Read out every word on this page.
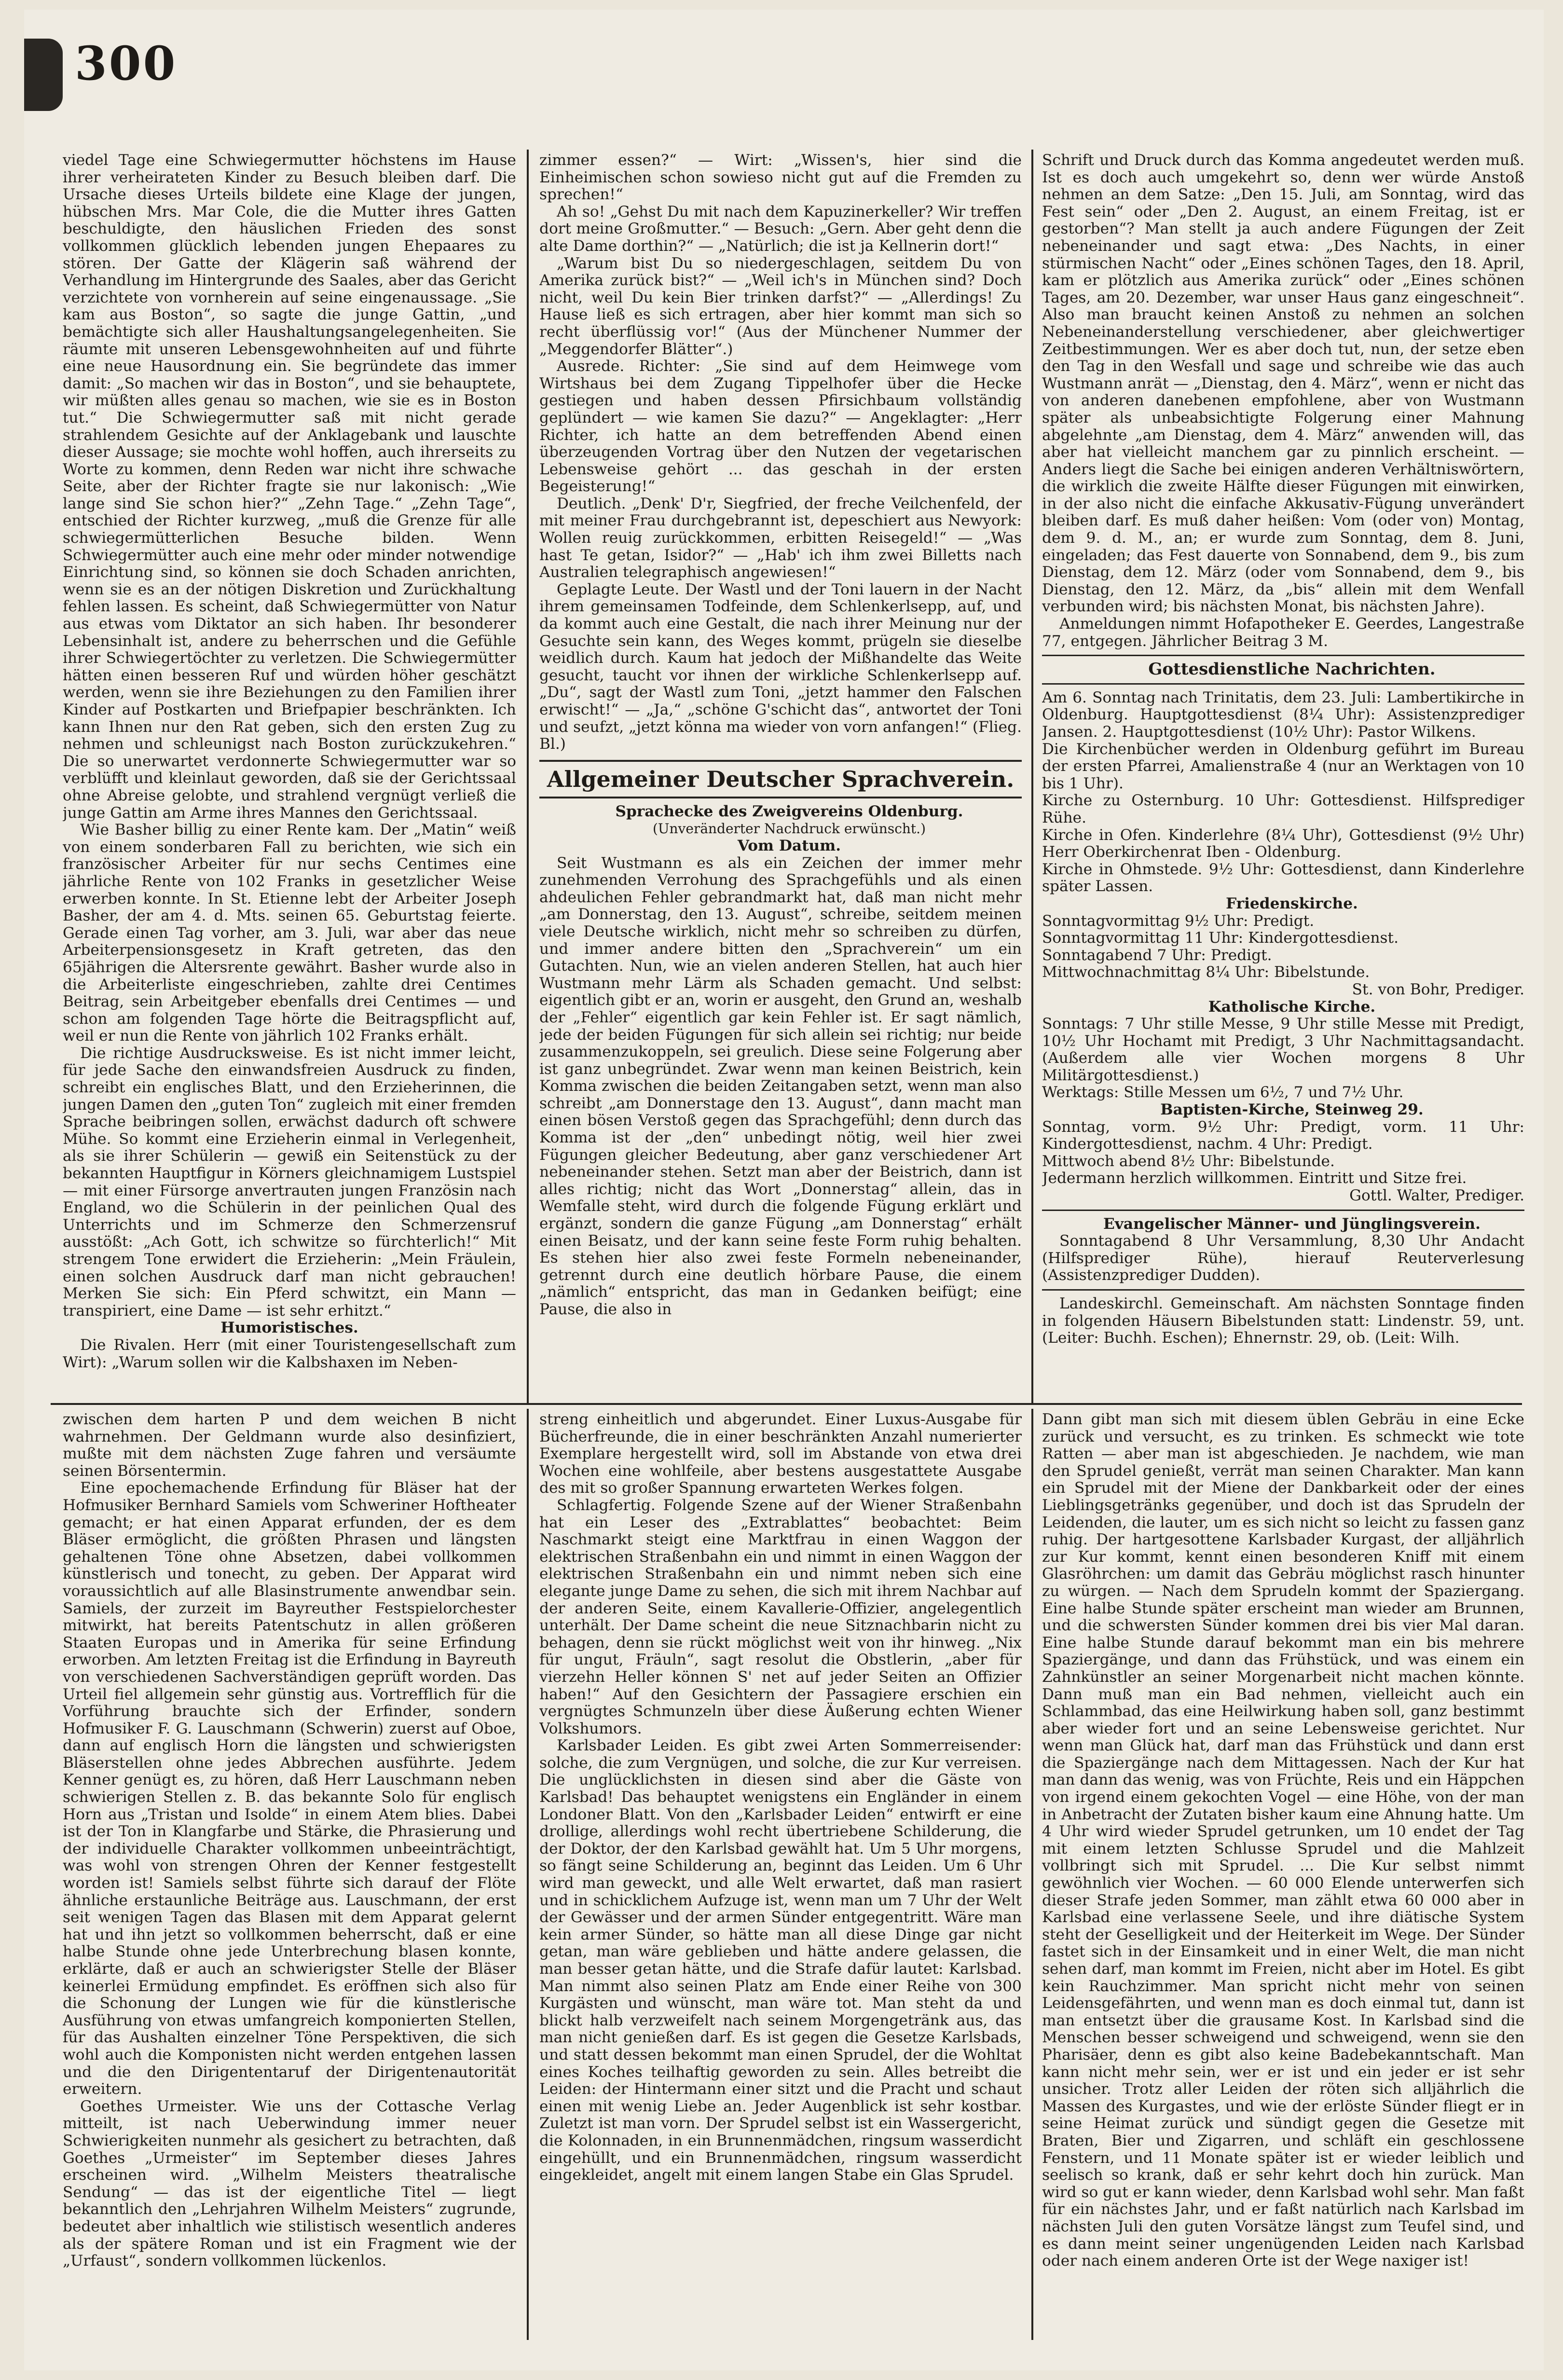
300

viedel Tage eine Schwiegermutter höchstens im Hause ihrer verheirateten Kinder zu Besuch bleiben darf. Die Ursache dieses Urteils bildete eine Klage der jungen, hübschen Mrs. Mar Cole, die die Mutter ihres Gatten beschuldigte, den häuslichen Frieden des sonst vollkommen glücklich lebenden jungen Ehepaares zu stören. Der Gatte der Klägerin saß während der Verhandlung im Hintergrunde des Saales, aber das Gericht verzichtete von vornherein auf seine eingenaussage. „Sie kam aus Boston“, so sagte die junge Gattin, „und bemächtigte sich aller Haushaltungsangelegenheiten. Sie räumte mit unseren Lebensgewohnheiten auf und führte eine neue Hausordnung ein. Sie begründete das immer damit: „So machen wir das in Boston“, und sie behauptete, wir müßten alles genau so machen, wie sie es in Boston tut.“ Die Schwiegermutter saß mit nicht gerade strahlendem Gesichte auf der Anklagebank und lauschte dieser Aussage; sie mochte wohl hoffen, auch ihrerseits zu Worte zu kommen, denn Reden war nicht ihre schwache Seite, aber der Richter fragte sie nur lakonisch: „Wie lange sind Sie schon hier?“ „Zehn Tage.“ „Zehn Tage“, entschied der Richter kurzweg, „muß die Grenze für alle schwiegermütterlichen Besuche bilden. Wenn Schwiegermütter auch eine mehr oder minder notwendige Einrichtung sind, so können sie doch Schaden anrichten, wenn sie es an der nötigen Diskretion und Zurückhaltung fehlen lassen. Es scheint, daß Schwiegermütter von Natur aus etwas vom Diktator an sich haben. Ihr besonderer Lebensinhalt ist, andere zu beherrschen und die Gefühle ihrer Schwiegertöchter zu verletzen. Die Schwiegermütter hätten einen besseren Ruf und würden höher geschätzt werden, wenn sie ihre Beziehungen zu den Familien ihrer Kinder auf Postkarten und Briefpapier beschränkten. Ich kann Ihnen nur den Rat geben, sich den ersten Zug zu nehmen und schleunigst nach Boston zurückzukehren.“ Die so unerwartet verdonnerte Schwiegermutter war so verblüfft und kleinlaut geworden, daß sie der Gerichtssaal ohne Abreise gelobte, und strahlend vergnügt verließ die junge Gattin am Arme ihres Mannes den Gerichtssaal.

Wie Basher billig zu einer Rente kam. Der „Matin“ weiß von einem sonderbaren Fall zu berichten, wie sich ein französischer Arbeiter für nur sechs Centimes eine jährliche Rente von 102 Franks in gesetzlicher Weise erwerben konnte. In St. Etienne lebt der Arbeiter Joseph Basher, der am 4. d. Mts. seinen 65. Geburtstag feierte. Gerade einen Tag vorher, am 3. Juli, war aber das neue Arbeiterpensionsgesetz in Kraft getreten, das den 65jährigen die Altersrente gewährt. Basher wurde also in die Arbeiterliste eingeschrieben, zahlte drei Centimes Beitrag, sein Arbeitgeber ebenfalls drei Centimes — und schon am folgenden Tage hörte die Beitragspflicht auf, weil er nun die Rente von jährlich 102 Franks erhält.

Die richtige Ausdrucksweise. Es ist nicht immer leicht, für jede Sache den einwandsfreien Ausdruck zu finden, schreibt ein englisches Blatt, und den Erzieherinnen, die jungen Damen den „guten Ton“ zugleich mit einer fremden Sprache beibringen sollen, erwächst dadurch oft schwere Mühe. So kommt eine Erzieherin einmal in Verlegenheit, als sie ihrer Schülerin — gewiß ein Seitenstück zu der bekannten Hauptfigur in Körners gleichnamigem Lustspiel — mit einer Fürsorge anvertrauten jungen Französin nach England, wo die Schülerin in der peinlichen Qual des Unterrichts und im Schmerze den Schmerzensruf ausstößt: „Ach Gott, ich schwitze so fürchterlich!“ Mit strengem Tone erwidert die Erzieherin: „Mein Fräulein, einen solchen Ausdruck darf man nicht gebrauchen! Merken Sie sich: Ein Pferd schwitzt, ein Mann — transpiriert, eine Dame — ist sehr erhitzt.“

Humoristisches.

Die Rivalen. Herr (mit einer Touristengesellschaft zum Wirt): „Warum sollen wir die Kalbshaxen im Neben-

zimmer essen?“ — Wirt: „Wissen's, hier sind die Einheimischen schon sowieso nicht gut auf die Fremden zu sprechen!“

Ah so! „Gehst Du mit nach dem Kapuzinerkeller? Wir treffen dort meine Großmutter.“ — Besuch: „Gern. Aber geht denn die alte Dame dorthin?“ — „Natürlich; die ist ja Kellnerin dort!“

„Warum bist Du so niedergeschlagen, seitdem Du von Amerika zurück bist?“ — „Weil ich's in München sind? Doch nicht, weil Du kein Bier trinken darfst?“ — „Allerdings! Zu Hause ließ es sich ertragen, aber hier kommt man sich so recht überflüssig vor!“ (Aus der Münchener Nummer der „Meggendorfer Blätter“.)

Ausrede. Richter: „Sie sind auf dem Heimwege vom Wirtshaus bei dem Zugang Tippelhofer über die Hecke gestiegen und haben dessen Pfirsichbaum vollständig geplündert — wie kamen Sie dazu?“ — Angeklagter: „Herr Richter, ich hatte an dem betreffenden Abend einen überzeugenden Vortrag über den Nutzen der vegetarischen Lebensweise gehört ... das geschah in der ersten Begeisterung!“

Deutlich. „Denk' D'r, Siegfried, der freche Veilchenfeld, der mit meiner Frau durchgebrannt ist, depeschiert aus Newyork: Wollen reuig zurückkommen, erbitten Reisegeld!“ — „Was hast Te getan, Isidor?“ — „Hab' ich ihm zwei Billetts nach Australien telegraphisch angewiesen!“

Geplagte Leute. Der Wastl und der Toni lauern in der Nacht ihrem gemeinsamen Todfeinde, dem Schlenkerlsepp, auf, und da kommt auch eine Gestalt, die nach ihrer Meinung nur der Gesuchte sein kann, des Weges kommt, prügeln sie dieselbe weidlich durch. Kaum hat jedoch der Mißhandelte das Weite gesucht, taucht vor ihnen der wirkliche Schlenkerlsepp auf. „Du“, sagt der Wastl zum Toni, „jetzt hammer den Falschen erwischt!“ — „Ja,“ „schöne G'schicht das“, antwortet der Toni und seufzt, „jetzt könna ma wieder von vorn anfangen!“ (Flieg. Bl.)

Allgemeiner Deutscher Sprachverein.

Sprachecke des Zweigvereins Oldenburg.

(Unveränderter Nachdruck erwünscht.)

Vom Datum.

Seit Wustmann es als ein Zeichen der immer mehr zunehmenden Verrohung des Sprachgefühls und als einen ahdeulichen Fehler gebrandmarkt hat, daß man nicht mehr „am Donnerstag, den 13. August“, schreibe, seitdem meinen viele Deutsche wirklich, nicht mehr so schreiben zu dürfen, und immer andere bitten den „Sprachverein“ um ein Gutachten. Nun, wie an vielen anderen Stellen, hat auch hier Wustmann mehr Lärm als Schaden gemacht. Und selbst: eigentlich gibt er an, worin er ausgeht, den Grund an, weshalb der „Fehler“ eigentlich gar kein Fehler ist. Er sagt nämlich, jede der beiden Fügungen für sich allein sei richtig; nur beide zusammenzukoppeln, sei greulich. Diese seine Folgerung aber ist ganz unbegründet. Zwar wenn man keinen Beistrich, kein Komma zwischen die beiden Zeitangaben setzt, wenn man also schreibt „am Donnerstage den 13. August“, dann macht man einen bösen Verstoß gegen das Sprachgefühl; denn durch das Komma ist der „den“ unbedingt nötig, weil hier zwei Fügungen gleicher Bedeutung, aber ganz verschiedener Art nebeneinander stehen. Setzt man aber der Beistrich, dann ist alles richtig; nicht das Wort „Donnerstag“ allein, das in Wemfalle steht, wird durch die folgende Fügung erklärt und ergänzt, sondern die ganze Fügung „am Donnerstag“ erhält einen Beisatz, und der kann seine feste Form ruhig behalten. Es stehen hier also zwei feste Formeln nebeneinander, getrennt durch eine deutlich hörbare Pause, die einem „nämlich“ entspricht, das man in Gedanken beifügt; eine Pause, die also in

Schrift und Druck durch das Komma angedeutet werden muß. Ist es doch auch umgekehrt so, denn wer würde Anstoß nehmen an dem Satze: „Den 15. Juli, am Sonntag, wird das Fest sein“ oder „Den 2. August, an einem Freitag, ist er gestorben“? Man stellt ja auch andere Fügungen der Zeit nebeneinander und sagt etwa: „Des Nachts, in einer stürmischen Nacht“ oder „Eines schönen Tages, den 18. April, kam er plötzlich aus Amerika zurück“ oder „Eines schönen Tages, am 20. Dezember, war unser Haus ganz eingeschneit“. Also man braucht keinen Anstoß zu nehmen an solchen Nebeneinanderstellung verschiedener, aber gleichwertiger Zeitbestimmungen. Wer es aber doch tut, nun, der setze eben den Tag in den Wesfall und sage und schreibe wie das auch Wustmann anrät — „Dienstag, den 4. März“, wenn er nicht das von anderen danebenen empfohlene, aber von Wustmann später als unbeabsichtigte Folgerung einer Mahnung abgelehnte „am Dienstag, dem 4. März“ anwenden will, das aber hat vielleicht manchem gar zu pinnlich erscheint. — Anders liegt die Sache bei einigen anderen Verhältniswörtern, die wirklich die zweite Hälfte dieser Fügungen mit einwirken, in der also nicht die einfache Akkusativ-Fügung unverändert bleiben darf. Es muß daher heißen: Vom (oder von) Montag, dem 9. d. M., an; er wurde zum Sonntag, dem 8. Juni, eingeladen; das Fest dauerte von Sonnabend, dem 9., bis zum Dienstag, dem 12. März (oder vom Sonnabend, dem 9., bis Dienstag, den 12. März, da „bis“ allein mit dem Wenfall verbunden wird; bis nächsten Monat, bis nächsten Jahre).

Anmeldungen nimmt Hofapotheker E. Geerdes, Langestraße 77, entgegen. Jährlicher Beitrag 3 M.

Gottesdienstliche Nachrichten.

Am 6. Sonntag nach Trinitatis, dem 23. Juli: Lambertikirche in Oldenburg. Hauptgottesdienst (8¼ Uhr): Assistenzprediger Jansen. 2. Hauptgottesdienst (10½ Uhr): Pastor Wilkens.

Die Kirchenbücher werden in Oldenburg geführt im Bureau der ersten Pfarrei, Amalienstraße 4 (nur an Werktagen von 10 bis 1 Uhr).

Kirche zu Osternburg. 10 Uhr: Gottesdienst. Hilfsprediger Rühe.

Kirche in Ofen. Kinderlehre (8¼ Uhr), Gottesdienst (9½ Uhr) Herr Oberkirchenrat Iben - Oldenburg.

Kirche in Ohmstede. 9½ Uhr: Gottesdienst, dann Kinderlehre später Lassen.

Friedenskirche.

Sonntagvormittag 9½ Uhr: Predigt.

Sonntagvormittag 11 Uhr: Kindergottesdienst.

Sonntagabend 7 Uhr: Predigt.

Mittwochnachmittag 8¼ Uhr: Bibelstunde.

St. von Bohr, Prediger.

Katholische Kirche.

Sonntags: 7 Uhr stille Messe, 9 Uhr stille Messe mit Predigt, 10½ Uhr Hochamt mit Predigt, 3 Uhr Nachmittagsandacht. (Außerdem alle vier Wochen morgens 8 Uhr Militärgottesdienst.)

Werktags: Stille Messen um 6½, 7 und 7½ Uhr.

Baptisten-Kirche, Steinweg 29.

Sonntag, vorm. 9½ Uhr: Predigt, vorm. 11 Uhr: Kindergottesdienst, nachm. 4 Uhr: Predigt.

Mittwoch abend 8½ Uhr: Bibelstunde.

Jedermann herzlich willkommen. Eintritt und Sitze frei.

Gottl. Walter, Prediger.

Evangelischer Männer- und Jünglingsverein.

Sonntagabend 8 Uhr Versammlung, 8,30 Uhr Andacht (Hilfsprediger Rühe), hierauf Reuterverlesung (Assistenzprediger Dudden).

Landeskirchl. Gemeinschaft. Am nächsten Sonntage finden in folgenden Häusern Bibelstunden statt: Lindenstr. 59, unt. (Leiter: Buchh. Eschen); Ehnernstr. 29, ob. (Leit: Wilh.

zwischen dem harten P und dem weichen B nicht wahrnehmen. Der Geldmann wurde also desinfiziert, mußte mit dem nächsten Zuge fahren und versäumte seinen Börsentermin.

Eine epochemachende Erfindung für Bläser hat der Hofmusiker Bernhard Samiels vom Schweriner Hoftheater gemacht; er hat einen Apparat erfunden, der es dem Bläser ermöglicht, die größten Phrasen und längsten gehaltenen Töne ohne Absetzen, dabei vollkommen künstlerisch und tonecht, zu geben. Der Apparat wird voraussichtlich auf alle Blasinstrumente anwendbar sein. Samiels, der zurzeit im Bayreuther Festspielorchester mitwirkt, hat bereits Patentschutz in allen größeren Staaten Europas und in Amerika für seine Erfindung erworben. Am letzten Freitag ist die Erfindung in Bayreuth von verschiedenen Sachverständigen geprüft worden. Das Urteil fiel allgemein sehr günstig aus. Vortrefflich für die Vorführung brauchte sich der Erfinder, sondern Hofmusiker F. G. Lauschmann (Schwerin) zuerst auf Oboe, dann auf englisch Horn die längsten und schwierigsten Bläserstellen ohne jedes Abbrechen ausführte. Jedem Kenner genügt es, zu hören, daß Herr Lauschmann neben schwierigen Stellen z. B. das bekannte Solo für englisch Horn aus „Tristan und Isolde“ in einem Atem blies. Dabei ist der Ton in Klangfarbe und Stärke, die Phrasierung und der individuelle Charakter vollkommen unbeeinträchtigt, was wohl von strengen Ohren der Kenner festgestellt worden ist! Samiels selbst führte sich darauf der Flöte ähnliche erstaunliche Beiträge aus. Lauschmann, der erst seit wenigen Tagen das Blasen mit dem Apparat gelernt hat und ihn jetzt so vollkommen beherrscht, daß er eine halbe Stunde ohne jede Unterbrechung blasen konnte, erklärte, daß er auch an schwierigster Stelle der Bläser keinerlei Ermüdung empfindet. Es eröffnen sich also für die Schonung der Lungen wie für die künstlerische Ausführung von etwas umfangreich komponierten Stellen, für das Aushalten einzelner Töne Perspektiven, die sich wohl auch die Komponisten nicht werden entgehen lassen und die den Dirigententaruf der Dirigentenautorität erweitern.

Goethes Urmeister. Wie uns der Cottasche Verlag mitteilt, ist nach Ueberwindung immer neuer Schwierigkeiten nunmehr als gesichert zu betrachten, daß Goethes „Urmeister“ im September dieses Jahres erscheinen wird. „Wilhelm Meisters theatralische Sendung“ — das ist der eigentliche Titel — liegt bekanntlich den „Lehrjahren Wilhelm Meisters“ zugrunde, bedeutet aber inhaltlich wie stilistisch wesentlich anderes als der spätere Roman und ist ein Fragment wie der „Urfaust“, sondern vollkommen lückenlos.

streng einheitlich und abgerundet. Einer Luxus-Ausgabe für Bücherfreunde, die in einer beschränkten Anzahl numerierter Exemplare hergestellt wird, soll im Abstande von etwa drei Wochen eine wohlfeile, aber bestens ausgestattete Ausgabe des mit so großer Spannung erwarteten Werkes folgen.

Schlagfertig. Folgende Szene auf der Wiener Straßenbahn hat ein Leser des „Extrablattes“ beobachtet: Beim Naschmarkt steigt eine Marktfrau in einen Waggon der elektrischen Straßenbahn ein und nimmt in einen Waggon der elektrischen Straßenbahn ein und nimmt neben sich eine elegante junge Dame zu sehen, die sich mit ihrem Nachbar auf der anderen Seite, einem Kavallerie-Offizier, angelegentlich unterhält. Der Dame scheint die neue Sitznachbarin nicht zu behagen, denn sie rückt möglichst weit von ihr hinweg. „Nix für ungut, Fräuln“, sagt resolut die Obstlerin, „aber für vierzehn Heller können S' net auf jeder Seiten an Offizier haben!“ Auf den Gesichtern der Passagiere erschien ein vergnügtes Schmunzeln über diese Äußerung echten Wiener Volkshumors.

Karlsbader Leiden. Es gibt zwei Arten Sommerreisender: solche, die zum Vergnügen, und solche, die zur Kur verreisen. Die unglücklichsten in diesen sind aber die Gäste von Karlsbad! Das behauptet wenigstens ein Engländer in einem Londoner Blatt. Von den „Karlsbader Leiden“ entwirft er eine drollige, allerdings wohl recht übertriebene Schilderung, die der Doktor, der den Karlsbad gewählt hat. Um 5 Uhr morgens, so fängt seine Schilderung an, beginnt das Leiden. Um 6 Uhr wird man geweckt, und alle Welt erwartet, daß man rasiert und in schicklichem Aufzuge ist, wenn man um 7 Uhr der Welt der Gewässer und der armen Sünder entgegentritt. Wäre man kein armer Sünder, so hätte man all diese Dinge gar nicht getan, man wäre geblieben und hätte andere gelassen, die man besser getan hätte, und die Strafe dafür lautet: Karlsbad. Man nimmt also seinen Platz am Ende einer Reihe von 300 Kurgästen und wünscht, man wäre tot. Man steht da und blickt halb verzweifelt nach seinem Morgengetränk aus, das man nicht genießen darf. Es ist gegen die Gesetze Karlsbads, und statt dessen bekommt man einen Sprudel, der die Wohltat eines Koches teilhaftig geworden zu sein. Alles betreibt die Leiden: der Hintermann einer sitzt und die Pracht und schaut einen mit wenig Liebe an. Jeder Augenblick ist sehr kostbar. Zuletzt ist man vorn. Der Sprudel selbst ist ein Wassergericht, die Kolonnaden, in ein Brunnenmädchen, ringsum wasserdicht eingehüllt, und ein Brunnenmädchen, ringsum wasserdicht eingekleidet, angelt mit einem langen Stabe ein Glas Sprudel.

Dann gibt man sich mit diesem üblen Gebräu in eine Ecke zurück und versucht, es zu trinken. Es schmeckt wie tote Ratten — aber man ist abgeschieden. Je nachdem, wie man den Sprudel genießt, verrät man seinen Charakter. Man kann ein Sprudel mit der Miene der Dankbarkeit oder der eines Lieblingsgetränks gegenüber, und doch ist das Sprudeln der Leidenden, die lauter, um es sich nicht so leicht zu fassen ganz ruhig. Der hartgesottene Karlsbader Kurgast, der alljährlich zur Kur kommt, kennt einen besonderen Kniff mit einem Glasröhrchen: um damit das Gebräu möglichst rasch hinunter zu würgen. — Nach dem Sprudeln kommt der Spaziergang. Eine halbe Stunde später erscheint man wieder am Brunnen, und die schwersten Sünder kommen drei bis vier Mal daran. Eine halbe Stunde darauf bekommt man ein bis mehrere Spaziergänge, und dann das Frühstück, und was einem ein Zahnkünstler an seiner Morgenarbeit nicht machen könnte. Dann muß man ein Bad nehmen, vielleicht auch ein Schlammbad, das eine Heilwirkung haben soll, ganz bestimmt aber wieder fort und an seine Lebensweise gerichtet. Nur wenn man Glück hat, darf man das Frühstück und dann erst die Spaziergänge nach dem Mittagessen. Nach der Kur hat man dann das wenig, was von Früchte, Reis und ein Häppchen von irgend einem gekochten Vogel — eine Höhe, von der man in Anbetracht der Zutaten bisher kaum eine Ahnung hatte. Um 4 Uhr wird wieder Sprudel getrunken, um 10 endet der Tag mit einem letzten Schlusse Sprudel und die Mahlzeit vollbringt sich mit Sprudel. ... Die Kur selbst nimmt gewöhnlich vier Wochen. — 60 000 Elende unterwerfen sich dieser Strafe jeden Sommer, man zählt etwa 60 000 aber in Karlsbad eine verlassene Seele, und ihre diätische System steht der Geselligkeit und der Heiterkeit im Wege. Der Sünder fastet sich in der Einsamkeit und in einer Welt, die man nicht sehen darf, man kommt im Freien, nicht aber im Hotel. Es gibt kein Rauchzimmer. Man spricht nicht mehr von seinen Leidensgefährten, und wenn man es doch einmal tut, dann ist man entsetzt über die grausame Kost. In Karlsbad sind die Menschen besser schweigend und schweigend, wenn sie den Pharisäer, denn es gibt also keine Badebekanntschaft. Man kann nicht mehr sein, wer er ist und ein jeder er ist sehr unsicher. Trotz aller Leiden der röten sich alljährlich die Massen des Kurgastes, und wie der erlöste Sünder fliegt er in seine Heimat zurück und sündigt gegen die Gesetze mit Braten, Bier und Zigarren, und schläft ein geschlossene Fenstern, und 11 Monate später ist er wieder leiblich und seelisch so krank, daß er sehr kehrt doch hin zurück. Man wird so gut er kann wieder, denn Karlsbad wohl sehr. Man faßt für ein nächstes Jahr, und er faßt natürlich nach Karlsbad im nächsten Juli den guten Vorsätze längst zum Teufel sind, und es dann meint seiner ungenügenden Leiden nach Karlsbad oder nach einem anderen Orte ist der Wege naxiger ist!
